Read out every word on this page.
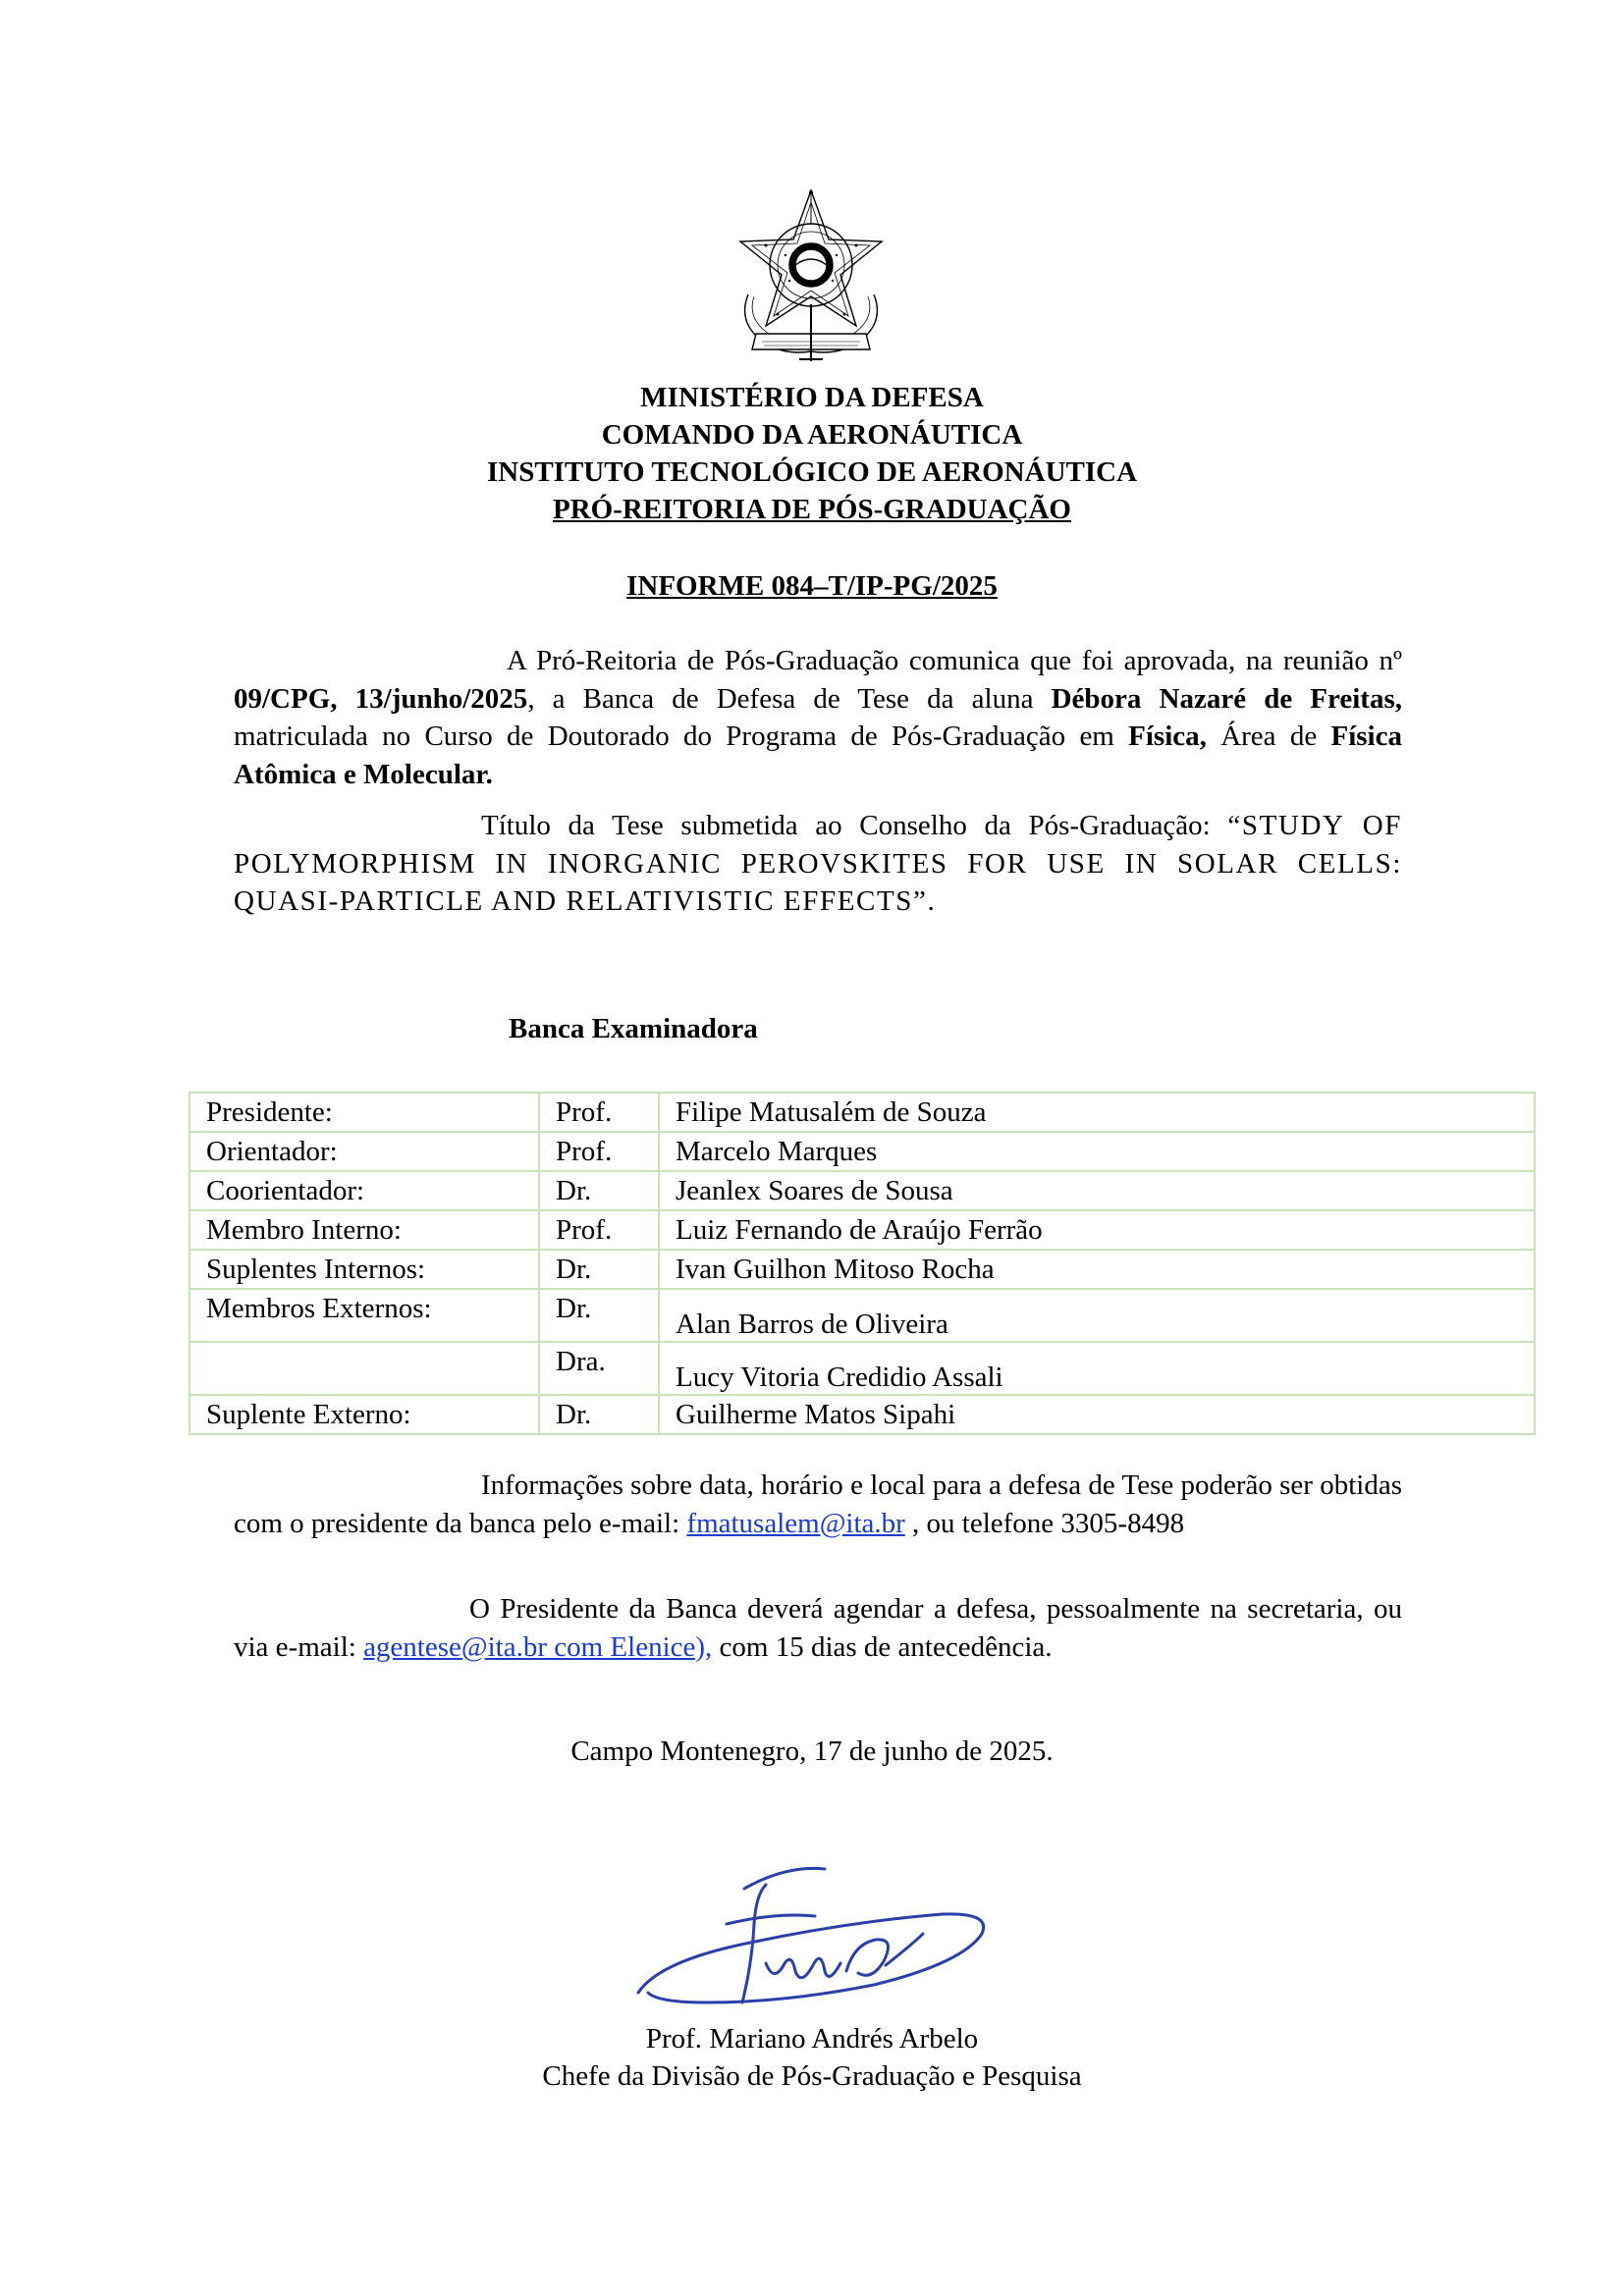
MINISTÉRIO DA DEFESA
COMANDO DA AERONÁUTICA
INSTITUTO TECNOLÓGICO DE AERONÁUTICA
PRÓ-REITORIA DE PÓS-GRADUAÇÃO
INFORME 084–T/IP-PG/2025
A Pró-Reitoria de Pós-Graduação comunica que foi aprovada, na reunião nº 09/CPG, 13/junho/2025, a Banca de Defesa de Tese da aluna Débora Nazaré de Freitas, matriculada no Curso de Doutorado do Programa de Pós-Graduação em Física, Área de Física Atômica e Molecular.
Título da Tese submetida ao Conselho da Pós-Graduação: “STUDY OF POLYMORPHISM IN INORGANIC PEROVSKITES FOR USE IN SOLAR CELLS: QUASI-PARTICLE AND RELATIVISTIC EFFECTS”.
Banca Examinadora
Presidente:	Prof.	Filipe Matusalém de Souza
Orientador:	Prof.	Marcelo Marques
Coorientador:	Dr.	Jeanlex Soares de Sousa
Membro Interno:	Prof.	Luiz Fernando de Araújo Ferrão
Suplentes Internos:	Dr.	Ivan Guilhon Mitoso Rocha
Membros Externos:	Dr.	Alan Barros de Oliveira
	Dra.	Lucy Vitoria Credidio Assali
Suplente Externo:	Dr.	Guilherme Matos Sipahi
Informações sobre data, horário e local para a defesa de Tese poderão ser obtidas com o presidente da banca pelo e-mail: fmatusalem@ita.br , ou telefone 3305-8498
O Presidente da Banca deverá agendar a defesa, pessoalmente na secretaria, ou via e-mail: agentese@ita.br com Elenice), com 15 dias de antecedência.
Campo Montenegro, 17 de junho de 2025.
Prof. Mariano Andrés Arbelo
Chefe da Divisão de Pós-Graduação e Pesquisa
